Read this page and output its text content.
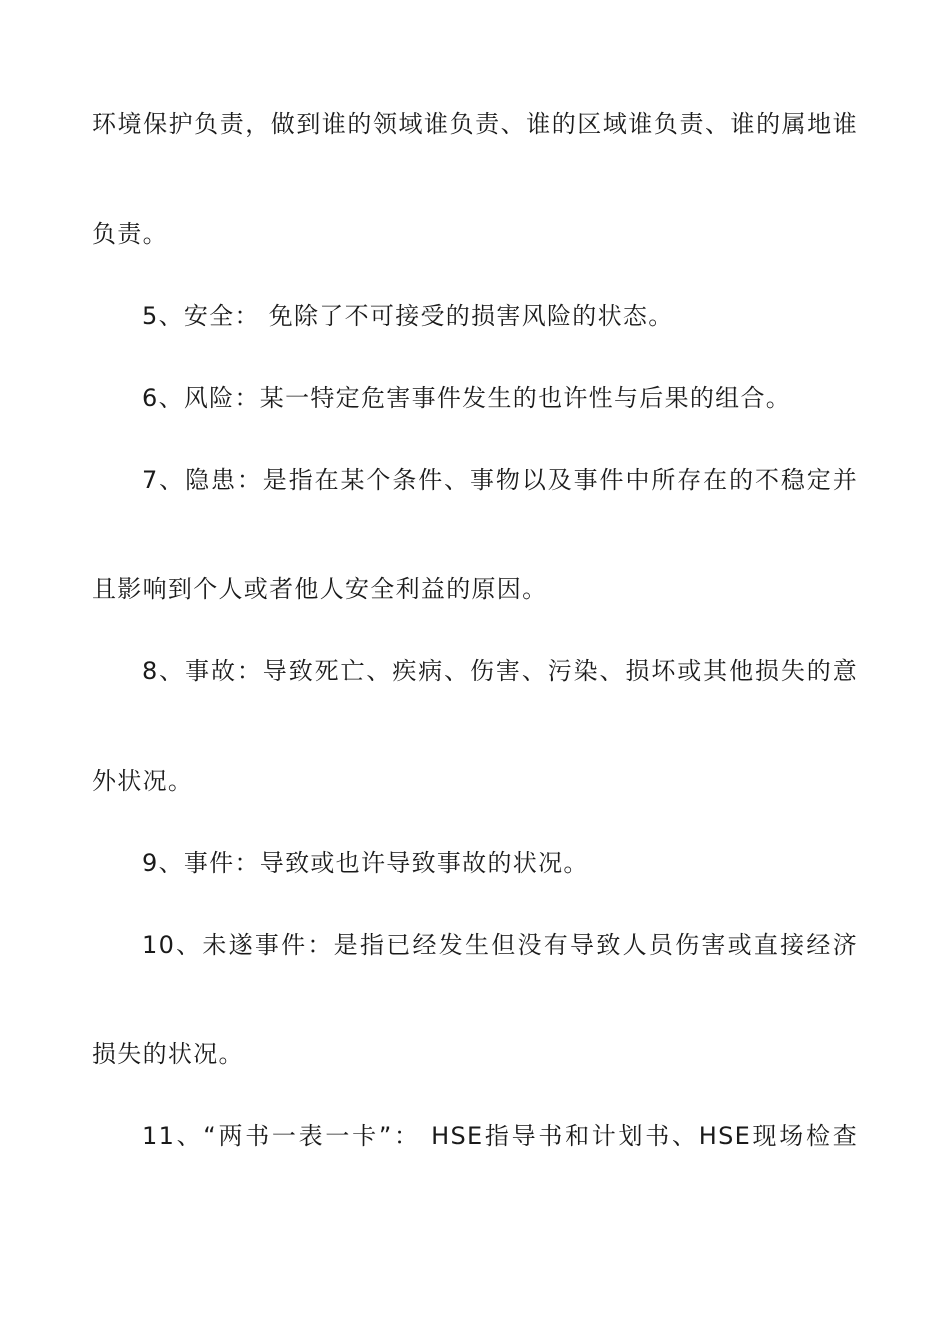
环境保护负责，做到谁的领域谁负责、谁的区域谁负责、谁的属地谁
负责。
5、安全： 免除了不可接受的损害风险的状态。
6、风险：某一特定危害事件发生的也许性与后果的组合。
7、隐患：是指在某个条件、事物以及事件中所存在的不稳定并
且影响到个人或者他人安全利益的原因。
8、事故：导致死亡、疾病、伤害、污染、损坏或其他损失的意
外状况。
9、事件：导致或也许导致事故的状况。
10、未遂事件：是指已经发生但没有导致人员伤害或直接经济
损失的状况。
11、“两书一表一卡”： HSE指导书和计划书、HSE现场检查
